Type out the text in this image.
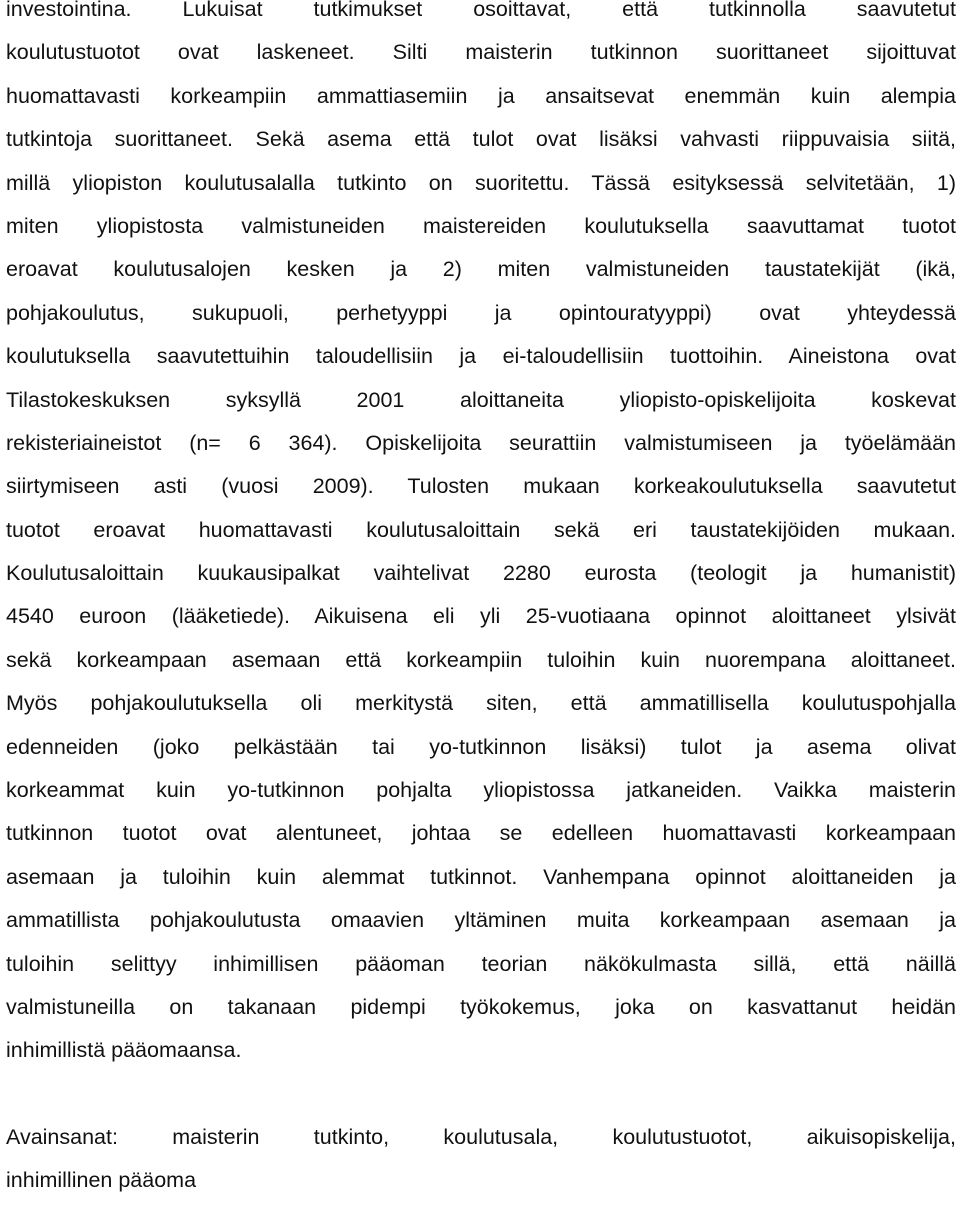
investointina. Lukuisat tutkimukset osoittavat, että tutkinnolla saavutetut
koulutustuotot ovat laskeneet. Silti maisterin tutkinnon suorittaneet sijoittuvat
huomattavasti korkeampiin ammattiasemiin ja ansaitsevat enemmän kuin alempia
tutkintoja suorittaneet. Sekä asema että tulot ovat lisäksi vahvasti riippuvaisia siitä,
millä yliopiston koulutusalalla tutkinto on suoritettu. Tässä esityksessä selvitetään, 1)
miten yliopistosta valmistuneiden maistereiden koulutuksella saavuttamat tuotot
eroavat koulutusalojen kesken ja 2) miten valmistuneiden taustatekijät (ikä,
pohjakoulutus, sukupuoli, perhetyyppi ja opintouratyyppi) ovat yhteydessä
koulutuksella saavutettuihin taloudellisiin ja ei-taloudellisiin tuottoihin. Aineistona ovat
Tilastokeskuksen syksyllä 2001 aloittaneita yliopisto-opiskelijoita koskevat
rekisteriaineistot (n= 6 364). Opiskelijoita seurattiin valmistumiseen ja työelämään
siirtymiseen asti (vuosi 2009). Tulosten mukaan korkeakoulutuksella saavutetut
tuotot eroavat huomattavasti koulutusaloittain sekä eri taustatekijöiden mukaan.
Koulutusaloittain kuukausipalkat vaihtelivat 2280 eurosta (teologit ja humanistit)
4540 euroon (lääketiede). Aikuisena eli yli 25-vuotiaana opinnot aloittaneet ylsivät
sekä korkeampaan asemaan että korkeampiin tuloihin kuin nuorempana aloittaneet.
Myös pohjakoulutuksella oli merkitystä siten, että ammatillisella koulutuspohjalla
edenneiden (joko pelkästään tai yo-tutkinnon lisäksi) tulot ja asema olivat
korkeammat kuin yo-tutkinnon pohjalta yliopistossa jatkaneiden. Vaikka maisterin
tutkinnon tuotot ovat alentuneet, johtaa se edelleen huomattavasti korkeampaan
asemaan ja tuloihin kuin alemmat tutkinnot. Vanhempana opinnot aloittaneiden ja
ammatillista pohjakoulutusta omaavien yltäminen muita korkeampaan asemaan ja
tuloihin selittyy inhimillisen pääoman teorian näkökulmasta sillä, että näillä
valmistuneilla on takanaan pidempi työkokemus, joka on kasvattanut heidän
inhimillistä pääomaansa.
Avainsanat: maisterin tutkinto, koulutusala, koulutustuotot, aikuisopiskelija,
inhimillinen pääoma
